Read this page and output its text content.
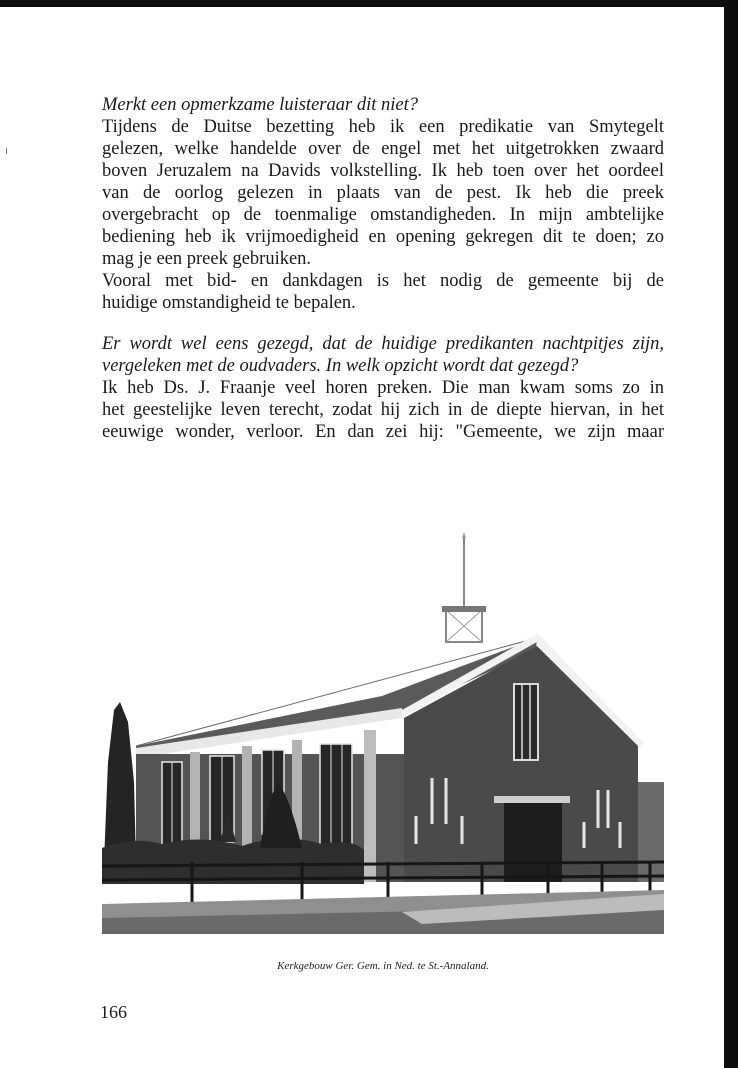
Merkt een opmerkzame luisteraar dit niet?

Tijdens de Duitse bezetting heb ik een predikatie van Smytegelt

gelezen, welke handelde over de engel met het uitgetrokken zwaard

boven Jeruzalem na Davids volkstelling. Ik heb toen over het oordeel

van de oorlog gelezen in plaats van de pest. Ik heb die preek

overgebracht op de toenmalige omstandigheden. In mijn ambtelijke

bediening heb ik vrijmoedigheid en opening gekregen dit te doen; zo

mag je een preek gebruiken.

Vooral met bid- en dankdagen is het nodig de gemeente bij de

huidige omstandigheid te bepalen.

Er wordt wel eens gezegd, dat de huidige predikanten nachtpitjes zijn,

vergeleken met de oudvaders. In welk opzicht wordt dat gezegd?

Ik heb Ds. J. Fraanje veel horen preken. Die man kwam soms zo in

het geestelijke leven terecht, zodat hij zich in de diepte hiervan, in het

eeuwige wonder, verloor. En dan zei hij: "Gemeente, we zijn maar

Kerkgebouw Ger. Gem. in Ned. te St.-Annaland.
166
